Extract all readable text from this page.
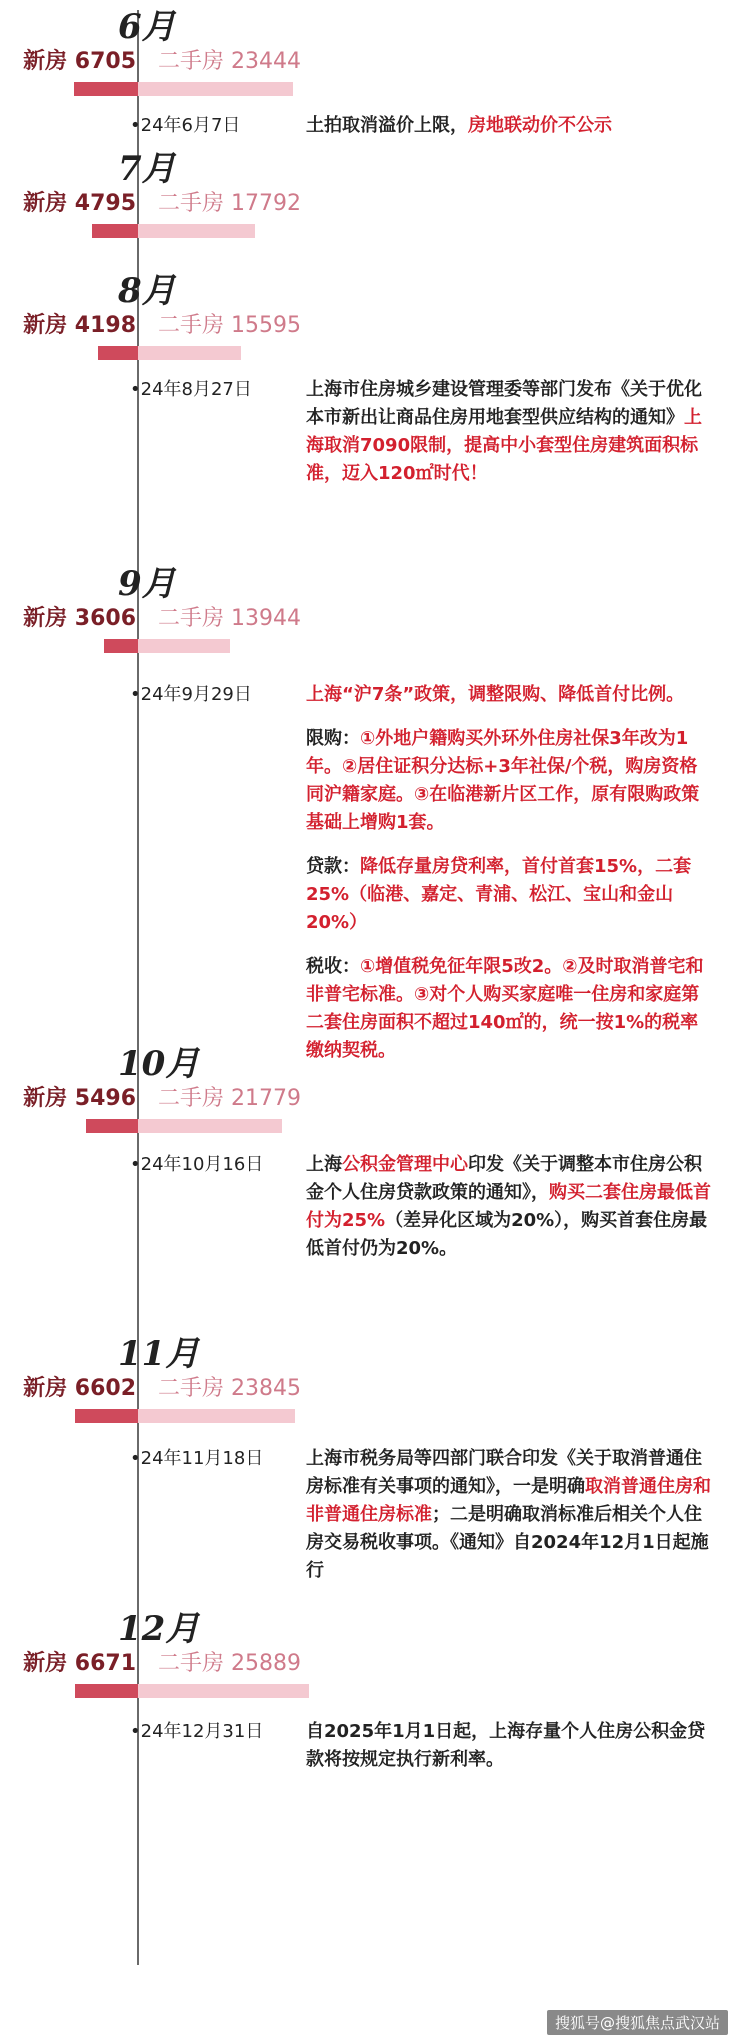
6月
新房 6705 二手房 23444
•24年6月7日	土拍取消溢价上限，房地联动价不公示
7月
新房 4795 二手房 17792
8月
新房 4198 二手房 15595
•24年8月27日	上海市住房城乡建设管理委等部门发布《关于优化本市新出让商品住房用地套型供应结构的通知》上海取消7090限制，提高中小套型住房建筑面积标准，迈入120㎡时代！
9月
新房 3606 二手房 13944
•24年9月29日	上海“沪7条”政策，调整限购、降低首付比例。
限购：①外地户籍购买外环外住房社保3年改为1年。②居住证积分达标+3年社保/个税，购房资格同沪籍家庭。③在临港新片区工作，原有限购政策基础上增购1套。
贷款：降低存量房贷利率，首付首套15%，二套25%（临港、嘉定、青浦、松江、宝山和金山20%）
税收：①增值税免征年限5改2。②及时取消普宅和非普宅标准。③对个人购买家庭唯一住房和家庭第二套住房面积不超过140㎡的，统一按1%的税率缴纳契税。
10月
新房 5496 二手房 21779
•24年10月16日 上海公积金管理中心印发《关于调整本市住房公积金个人住房贷款政策的通知》，购买二套住房最低首付为25%（差异化区域为20%），购买首套住房最低首付仍为20%。
11月
新房 6602 二手房 23845
•24年11月18日 上海市税务局等四部门联合印发《关于取消普通住房标准有关事项的通知》，一是明确取消普通住房和非普通住房标准；二是明确取消标准后相关个人住房交易税收事项。《通知》自2024年12月1日起施行
12月
新房 6671 二手房 25889
•24年12月31日 自2025年1月1日起，上海存量个人住房公积金贷款将按规定执行新利率。
搜狐号@搜狐焦点武汉站
